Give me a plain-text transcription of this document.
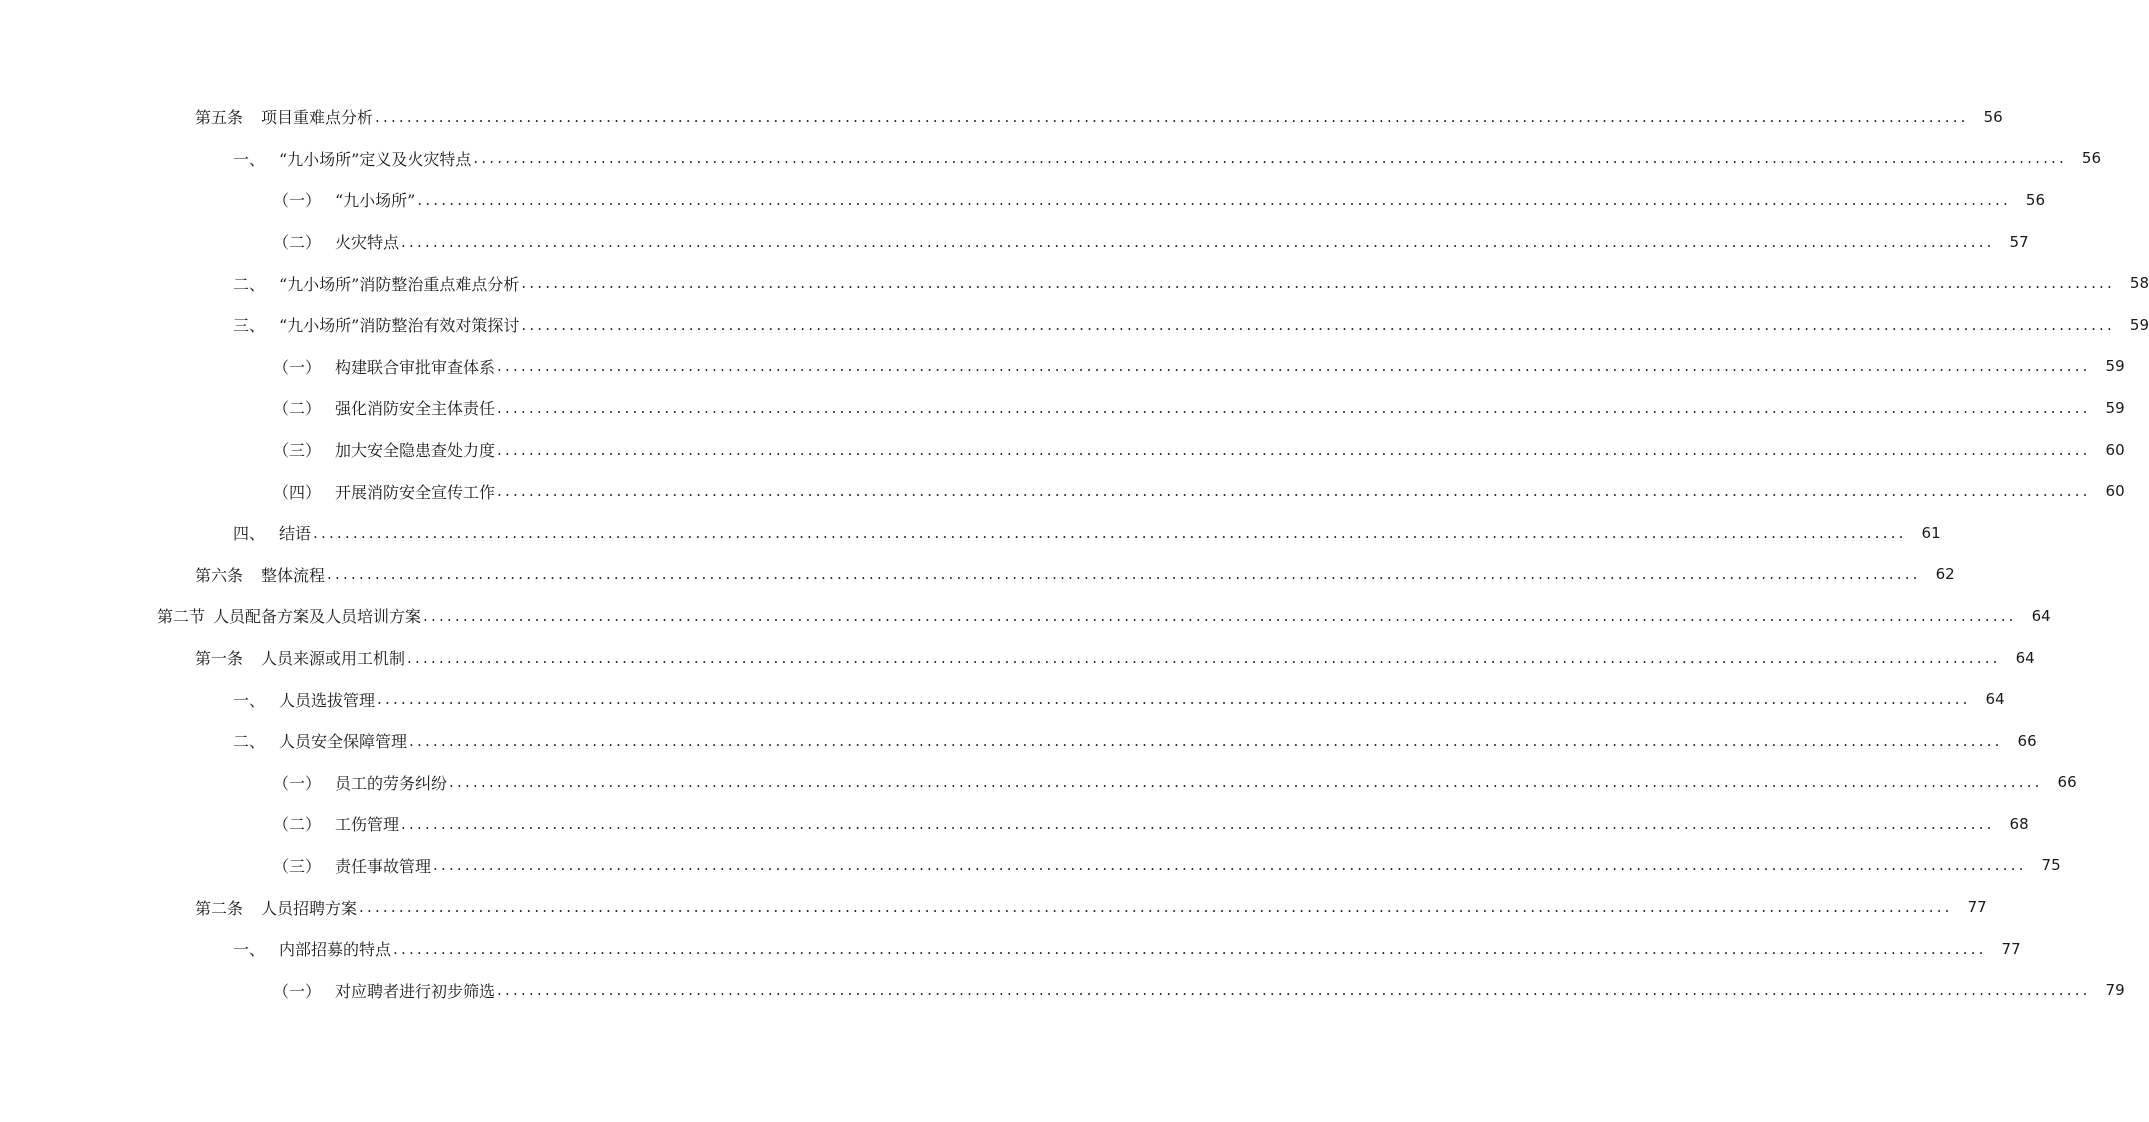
第五条 项目重难点分析 ........................................................................................................................................................................................................ 56
一、 “九小场所”定义及火灾特点 ........................................................................................................................................................................................................ 56
（一） “九小场所” ........................................................................................................................................................................................................ 56
（二） 火灾特点 ........................................................................................................................................................................................................ 57
二、 “九小场所”消防整治重点难点分析 ........................................................................................................................................................................................................ 58
三、 “九小场所”消防整治有效对策探讨 ........................................................................................................................................................................................................ 59
（一） 构建联合审批审查体系 ........................................................................................................................................................................................................ 59
（二） 强化消防安全主体责任 ........................................................................................................................................................................................................ 59
（三） 加大安全隐患查处力度 ........................................................................................................................................................................................................ 60
（四） 开展消防安全宣传工作 ........................................................................................................................................................................................................ 60
四、 结语 ........................................................................................................................................................................................................ 61
第六条 整体流程 ........................................................................................................................................................................................................ 62
第二节 人员配备方案及人员培训方案 ........................................................................................................................................................................................................ 64
第一条 人员来源或用工机制 ........................................................................................................................................................................................................ 64
一、 人员选拔管理 ........................................................................................................................................................................................................ 64
二、 人员安全保障管理 ........................................................................................................................................................................................................ 66
（一） 员工的劳务纠纷 ........................................................................................................................................................................................................ 66
（二） 工伤管理 ........................................................................................................................................................................................................ 68
（三） 责任事故管理 ........................................................................................................................................................................................................ 75
第二条 人员招聘方案 ........................................................................................................................................................................................................ 77
一、 内部招募的特点 ........................................................................................................................................................................................................ 77
（一） 对应聘者进行初步筛选 ........................................................................................................................................................................................................ 79
